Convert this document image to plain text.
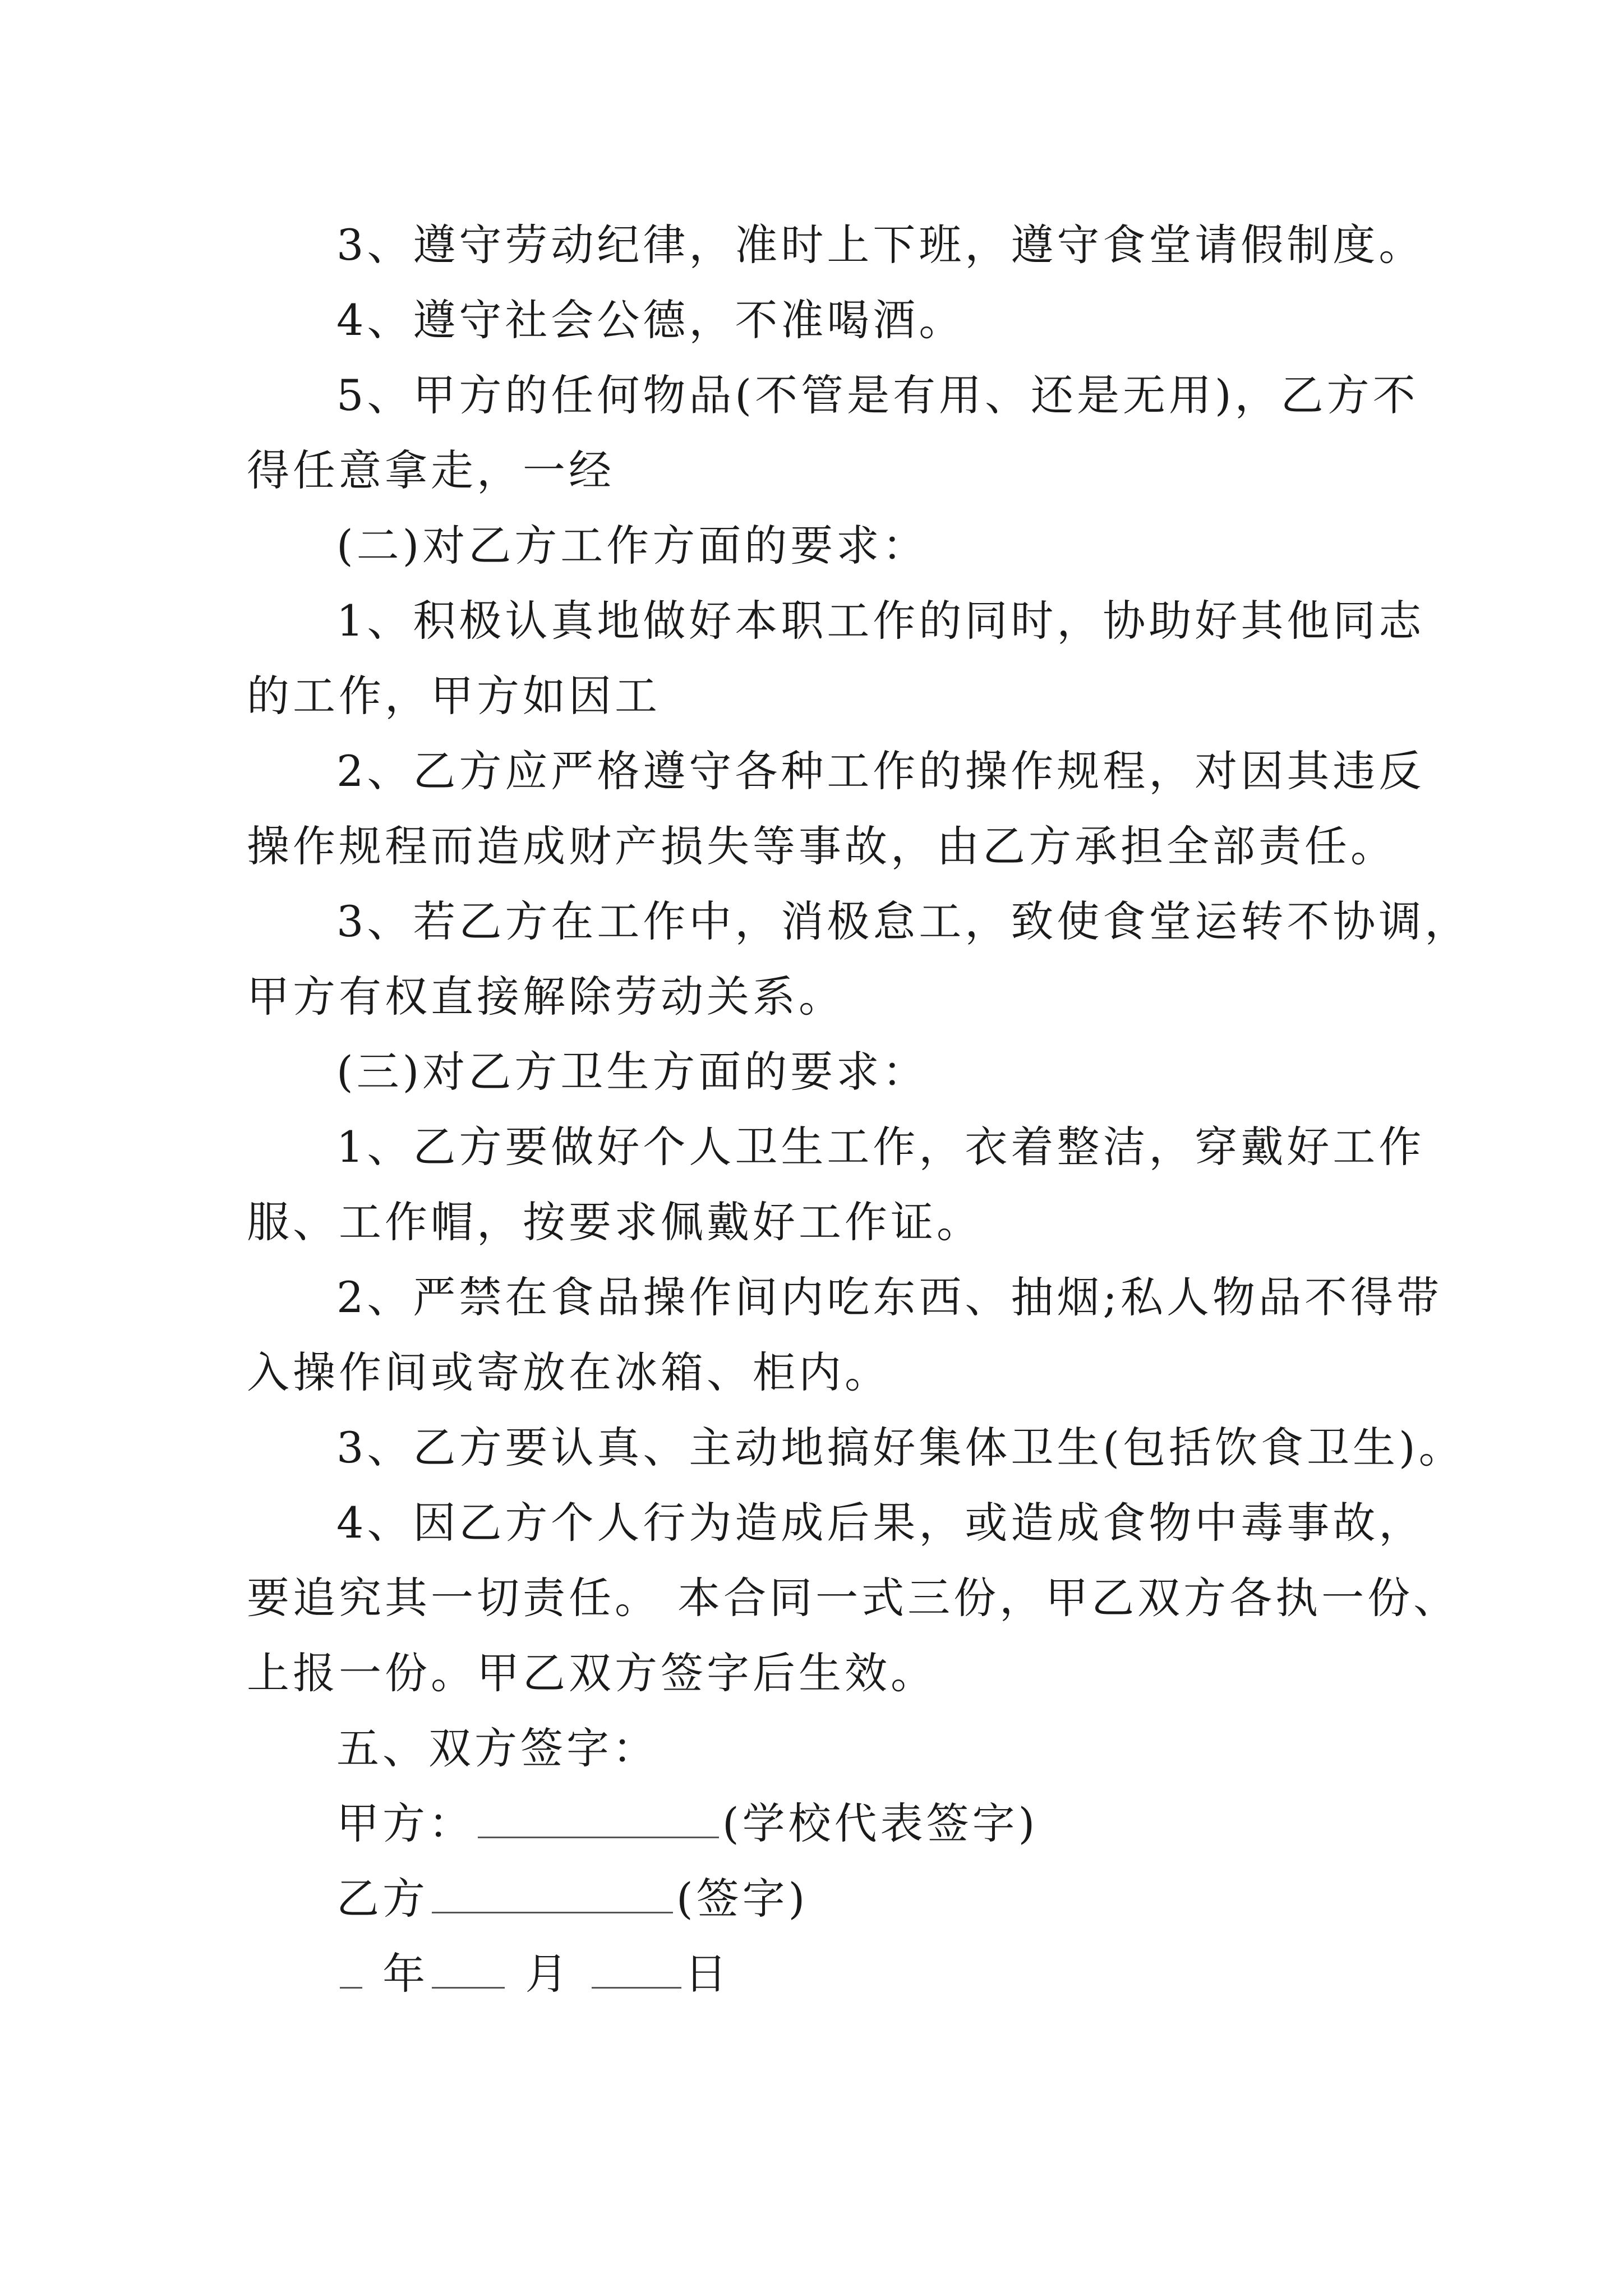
3、遵守劳动纪律，准时上下班，遵守食堂请假制度。
4、遵守社会公德，不准喝酒。
5、甲方的任何物品(不管是有用、还是无用)，乙方不
得任意拿走，一经
(二)对乙方工作方面的要求：
1、积极认真地做好本职工作的同时，协助好其他同志
的工作，甲方如因工
2、乙方应严格遵守各种工作的操作规程，对因其违反
操作规程而造成财产损失等事故，由乙方承担全部责任。
3、若乙方在工作中，消极怠工，致使食堂运转不协调，
甲方有权直接解除劳动关系。
(三)对乙方卫生方面的要求：
1、乙方要做好个人卫生工作，衣着整洁，穿戴好工作
服、工作帽，按要求佩戴好工作证。
2、严禁在食品操作间内吃东西、抽烟;私人物品不得带
入操作间或寄放在冰箱、柜内。
3、乙方要认真、主动地搞好集体卫生(包括饮食卫生)。
4、因乙方个人行为造成后果，或造成食物中毒事故，
要追究其一切责任。 本合同一式三份，甲乙双方各执一份、
上报一份。甲乙双方签字后生效。
五、双方签字：
甲方：	(学校代表签字)
乙方	(签字)
年 月	日
